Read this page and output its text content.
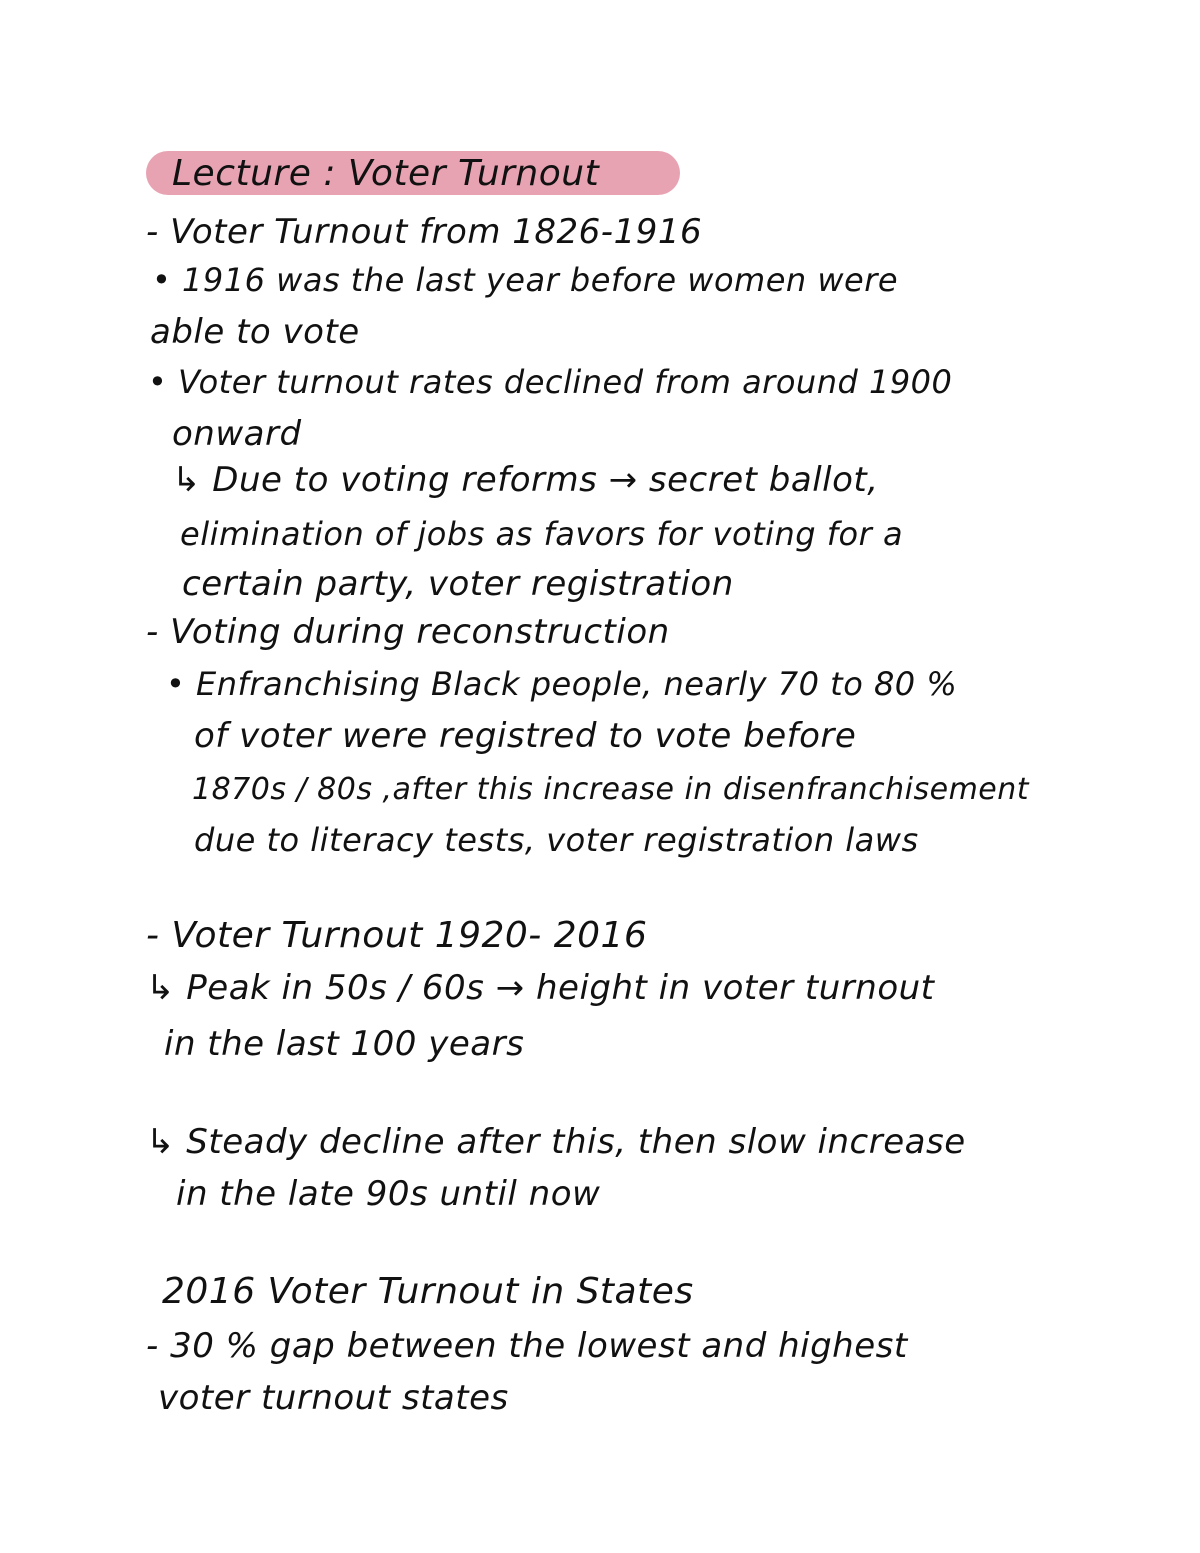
Lecture : Voter Turnout
- Voter Turnout from 1826-1916
• 1916 was the last year before women were
able to vote
• Voter turnout rates declined from around 1900
onward
↳ Due to voting reforms → secret ballot,
elimination of jobs as favors for voting for a
certain party, voter registration
- Voting during reconstruction
• Enfranchising Black people, nearly 70 to 80 %
of voter were registred to vote before
1870s / 80s ,after this increase in disenfranchisement
due to literacy tests, voter registration laws
- Voter Turnout 1920- 2016
↳ Peak in 50s / 60s → height in voter turnout
in the last 100 years
↳ Steady decline after this, then slow increase
in the late 90s until now
2016 Voter Turnout in States
- 30 % gap between the lowest and highest
voter turnout states
